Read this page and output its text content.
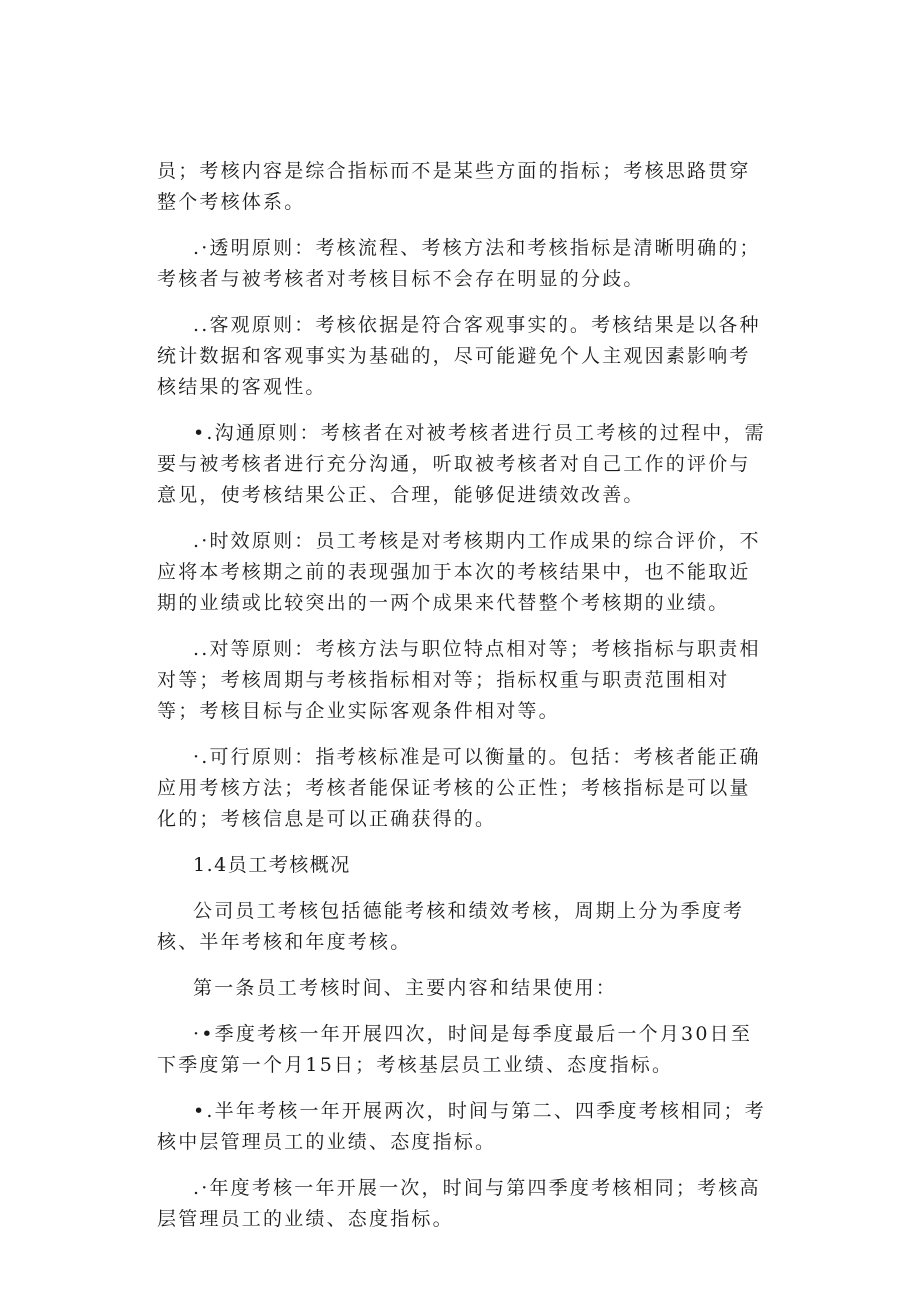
员；考核内容是综合指标而不是某些方面的指标；考核思路贯穿整个考核体系。

.·透明原则：考核流程、考核方法和考核指标是清晰明确的；考核者与被考核者对考核目标不会存在明显的分歧。

..客观原则：考核依据是符合客观事实的。考核结果是以各种统计数据和客观事实为基础的，尽可能避免个人主观因素影响考核结果的客观性。

•.沟通原则：考核者在对被考核者进行员工考核的过程中，需要与被考核者进行充分沟通，听取被考核者对自己工作的评价与意见，使考核结果公正、合理，能够促进绩效改善。

.·时效原则：员工考核是对考核期内工作成果的综合评价，不应将本考核期之前的表现强加于本次的考核结果中，也不能取近期的业绩或比较突出的一两个成果来代替整个考核期的业绩。

..对等原则：考核方法与职位特点相对等；考核指标与职责相对等；考核周期与考核指标相对等；指标权重与职责范围相对等；考核目标与企业实际客观条件相对等。

·.可行原则：指考核标准是可以衡量的。包括：考核者能正确应用考核方法；考核者能保证考核的公正性；考核指标是可以量化的；考核信息是可以正确获得的。

1.4员工考核概况

公司员工考核包括德能考核和绩效考核，周期上分为季度考核、半年考核和年度考核。

第一条员工考核时间、主要内容和结果使用：

·•季度考核一年开展四次，时间是每季度最后一个月30日至下季度第一个月15日；考核基层员工业绩、态度指标。

•.半年考核一年开展两次，时间与第二、四季度考核相同；考核中层管理员工的业绩、态度指标。

.·年度考核一年开展一次，时间与第四季度考核相同；考核高层管理员工的业绩、态度指标。
